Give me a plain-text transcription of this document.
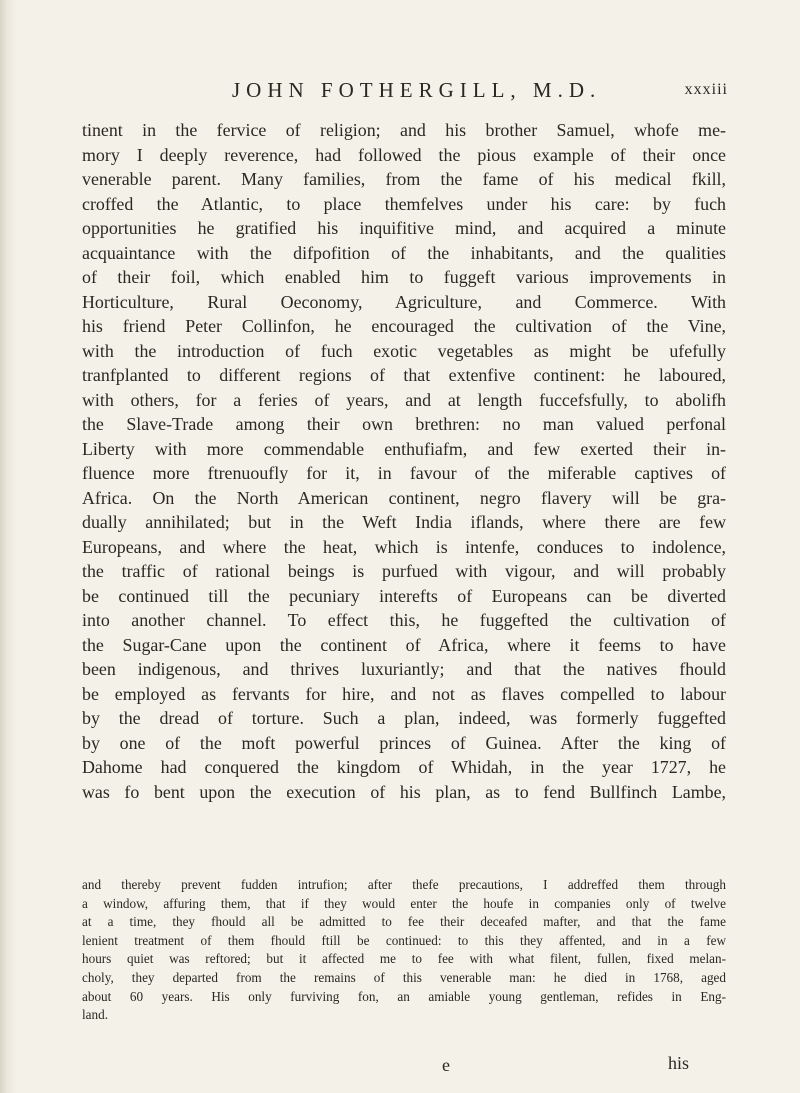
JOHN FOTHERGILL, M.D.	xxxiii
tinent in the fervice of religion; and his brother Samuel, whofe me-
mory I deeply reverence, had followed the pious example of their once
venerable parent. Many families, from the fame of his medical fkill,
croffed the Atlantic, to place themfelves under his care: by fuch
opportunities he gratified his inquifitive mind, and acquired a minute
acquaintance with the difpofition of the inhabitants, and the qualities
of their foil, which enabled him to fuggeft various improvements in
Horticulture, Rural Oeconomy, Agriculture, and Commerce. With
his friend Peter Collinfon, he encouraged the cultivation of the Vine,
with the introduction of fuch exotic vegetables as might be ufefully
tranfplanted to different regions of that extenfive continent: he laboured,
with others, for a feries of years, and at length fuccefsfully, to abolifh
the Slave-Trade among their own brethren: no man valued perfonal
Liberty with more commendable enthufiafm, and few exerted their in-
fluence more ftrenuoufly for it, in favour of the miferable captives of
Africa. On the North American continent, negro flavery will be gra-
dually annihilated; but in the Weft India iflands, where there are few
Europeans, and where the heat, which is intenfe, conduces to indolence,
the traffic of rational beings is purfued with vigour, and will probably
be continued till the pecuniary interefts of Europeans can be diverted
into another channel. To effect this, he fuggefted the cultivation of
the Sugar-Cane upon the continent of Africa, where it feems to have
been indigenous, and thrives luxuriantly; and that the natives fhould
be employed as fervants for hire, and not as flaves compelled to labour
by the dread of torture. Such a plan, indeed, was formerly fuggefted
by one of the moft powerful princes of Guinea. After the king of
Dahome had conquered the kingdom of Whidah, in the year 1727, he
was fo bent upon the execution of his plan, as to fend Bullfinch Lambe,
and thereby prevent fudden intrufion; after thefe precautions, I addreffed them through
a window, affuring them, that if they would enter the houfe in companies only of twelve
at a time, they fhould all be admitted to fee their deceafed mafter, and that the fame
lenient treatment of them fhould ftill be continued: to this they affented, and in a few
hours quiet was reftored; but it affected me to fee with what filent, fullen, fixed melan-
choly, they departed from the remains of this venerable man: he died in 1768, aged
about 60 years. His only furviving fon, an amiable young gentleman, refides in Eng-
land.
e	his
